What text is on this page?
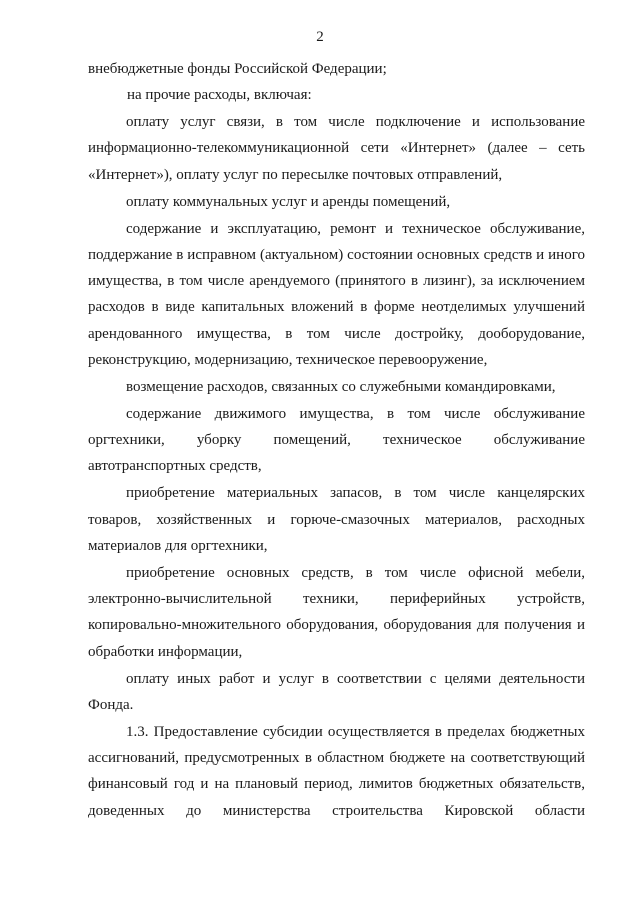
2
внебюджетные фонды Российской Федерации;
на прочие расходы, включая:
оплату услуг связи, в том числе подключение и использование
информационно-телекоммуникационной сети «Интернет» (далее – сеть
«Интернет»), оплату услуг по пересылке почтовых отправлений,
оплату коммунальных услуг и аренды помещений,
содержание и эксплуатацию, ремонт и техническое обслуживание,
поддержание в исправном (актуальном) состоянии основных средств и иного
имущества, в том числе арендуемого (принятого в лизинг), за исключением
расходов в виде капитальных вложений в форме неотделимых улучшений
арендованного имущества, в том числе достройку, дооборудование,
реконструкцию, модернизацию, техническое перевооружение,
возмещение расходов, связанных со служебными командировками,
содержание движимого имущества, в том числе обслуживание
оргтехники, уборку помещений, техническое обслуживание
автотранспортных средств,
приобретение материальных запасов, в том числе канцелярских
товаров, хозяйственных и горюче-смазочных материалов, расходных
материалов для оргтехники,
приобретение основных средств, в том числе офисной мебели,
электронно-вычислительной техники, периферийных устройств,
копировально-множительного оборудования, оборудования для получения и
обработки информации,
оплату иных работ и услуг в соответствии с целями деятельности
Фонда.
1.3. Предоставление субсидии осуществляется в пределах бюджетных
ассигнований, предусмотренных в областном бюджете на соответствующий
финансовый год и на плановый период, лимитов бюджетных обязательств,
доведенных до министерства строительства Кировской области
